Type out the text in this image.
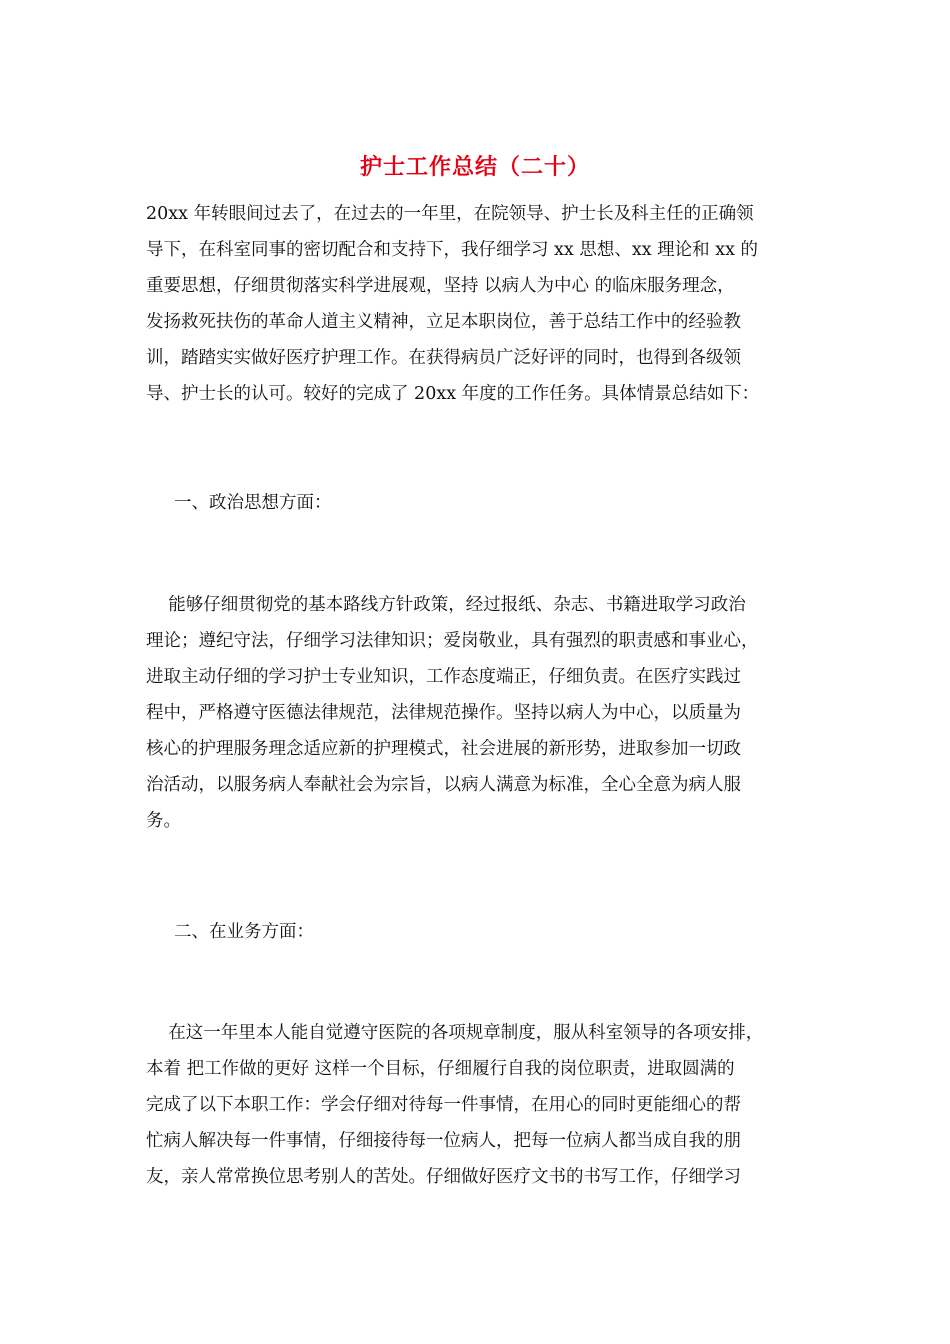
护士工作总结（二十）
20xx 年转眼间过去了，在过去的一年里，在院领导、护士长及科主任的正确领
导下，在科室同事的密切配合和支持下，我仔细学习 xx 思想、xx 理论和 xx 的
重要思想，仔细贯彻落实科学进展观，坚持 以病人为中心 的临床服务理念，
发扬救死扶伤的革命人道主义精神，立足本职岗位，善于总结工作中的经验教
训，踏踏实实做好医疗护理工作。在获得病员广泛好评的同时，也得到各级领
导、护士长的认可。较好的完成了 20xx 年度的工作任务。具体情景总结如下：

一、政治思想方面：

能够仔细贯彻党的基本路线方针政策，经过报纸、杂志、书籍进取学习政治
理论；遵纪守法，仔细学习法律知识；爱岗敬业，具有强烈的职责感和事业心，
进取主动仔细的学习护士专业知识，工作态度端正，仔细负责。在医疗实践过
程中，严格遵守医德法律规范，法律规范操作。坚持以病人为中心，以质量为
核心的护理服务理念适应新的护理模式，社会进展的新形势，进取参加一切政
治活动，以服务病人奉献社会为宗旨，以病人满意为标准，全心全意为病人服
务。

二、在业务方面：

在这一年里本人能自觉遵守医院的各项规章制度，服从科室领导的各项安排，
本着 把工作做的更好 这样一个目标，仔细履行自我的岗位职责，进取圆满的
完成了以下本职工作：学会仔细对待每一件事情，在用心的同时更能细心的帮
忙病人解决每一件事情，仔细接待每一位病人，把每一位病人都当成自我的朋
友，亲人常常换位思考别人的苦处。仔细做好医疗文书的书写工作，仔细学习
